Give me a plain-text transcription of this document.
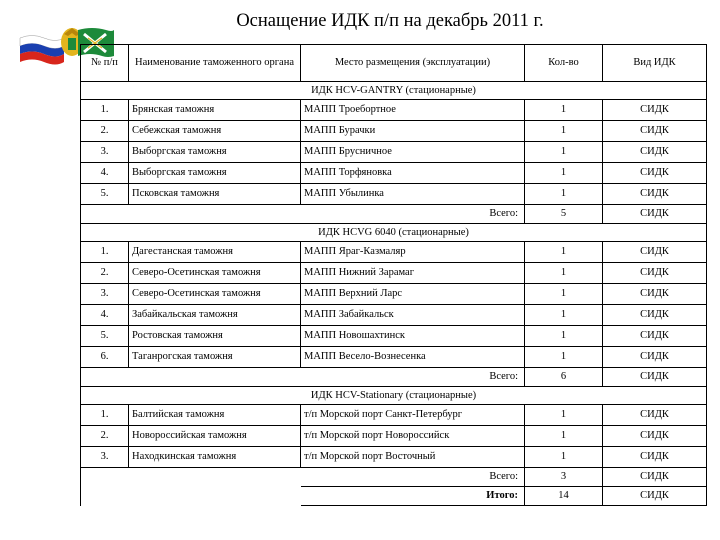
Оснащение ИДК п/п на декабрь 2011 г.
№ п/п	Наименование таможенного органа	Место размещения (эксплуатации)	Кол-во	Вид ИДК
ИДК HCV-GANTRY (стационарные)				
1.	Брянская таможня	МАПП Троебортное	1	СИДК
2.	Себежская таможня	МАПП Бурачки	1	СИДК
3.	Выборгская таможня	МАПП Брусничное	1	СИДК
4.	Выборгская таможня	МАПП Торфяновка	1	СИДК
5.	Псковская таможня	МАПП Убылинка	1	СИДК
		Всего:	5	СИДК
ИДК HCVG 6040 (стационарные)				
1.	Дагестанская таможня	МАПП Яраг-Казмаляр	1	СИДК
2.	Северо-Осетинская таможня	МАПП Нижний Зарамаг	1	СИДК
3.	Северо-Осетинская таможня	МАПП Верхний Ларс	1	СИДК
4.	Забайкальская таможня	МАПП Забайкальск	1	СИДК
5.	Ростовская таможня	МАПП Новошахтинск	1	СИДК
6.	Таганрогская таможня	МАПП Весело-Вознесенка	1	СИДК
		Всего:	6	СИДК
ИДК HCV-Stationary (стационарные)				
1.	Балтийская таможня	т/п Морской порт Санкт-Петербург	1	СИДК
2.	Новороссийская таможня	т/п Морской порт Новороссийск	1	СИДК
3.	Находкинская таможня	т/п Морской порт Восточный	1	СИДК
		Всего:	3	СИДК
		Итого:	14	СИДК
